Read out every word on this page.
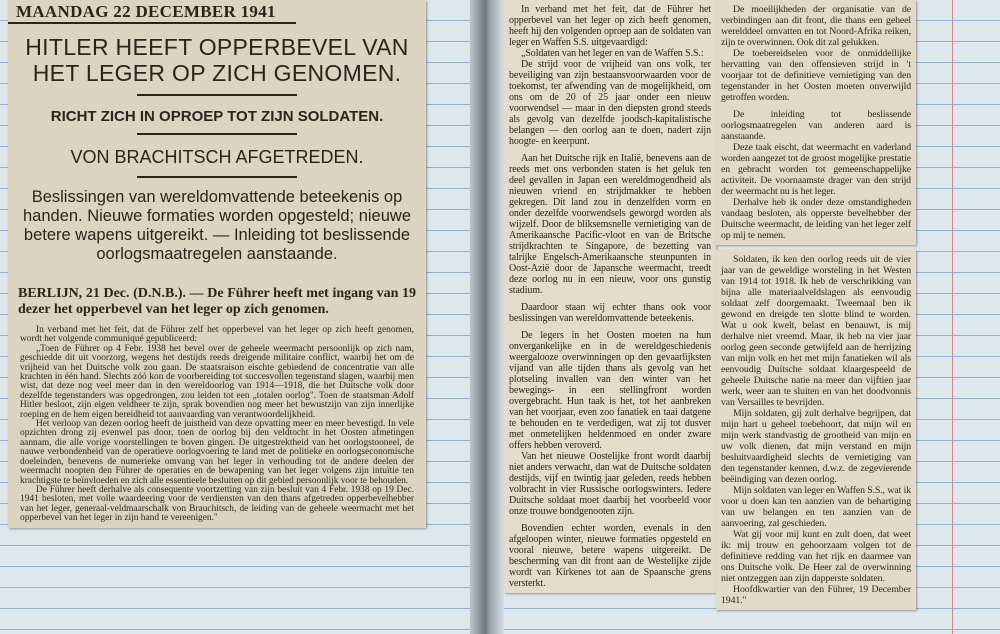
MAANDAG 22 DECEMBER 1941
HITLER HEEFT OPPERBEVEL VAN HET LEGER OP ZICH GENOMEN.
RICHT ZICH IN OPROEP TOT ZIJN SOLDATEN.
VON BRACHITSCH AFGETREDEN.
Beslissingen van wereldomvattende beteekenis op handen. Nieuwe formaties worden opgesteld; nieuwe betere wapens uitgereikt. — Inleiding tot beslissende oorlogsmaatregelen aanstaande.
BERLIJN, 21 Dec. (D.N.B.). — De Führer heeft met ingang van 19 dezer het opperbevel van het leger op zich genomen.

In verband met het feit, dat de Führer zelf het opperbevel van het leger op zich heeft genomen, wordt het volgende communiqué gepubliceerd:

„Toen de Führer op 4 Febr. 1938 het bevel over de geheele weermacht persoonlijk op zich nam, geschiedde dit uit voorzorg, wegens het destijds reeds dreigende militaire conflict, waarbij het om de vrijheid van het Duitsche volk zou gaan. De staatsraison eischte gebiedend de concentratie van alle krachten in één hand. Slechts zóó kon de voorbereiding tot succesvollen tegenstand slagen, waarbij men wist, dat deze nog veel meer dan in den wereldoorlog van 1914—1918, die het Duitsche volk door dezelfde tegenstanders was opgedrongen, zou leiden tot een „totalen oorlog". Toen de staatsman Adolf Hitler besloot, zijn eigen veldheer te zijn, sprak bovendien nog meer het bewustzijn van zijn innerlijke roeping en de hem eigen bereidheid tot aanvaarding van verantwoordelijkheid.

Het verloop van dezen oorlog heeft de juistheid van deze opvatting meer en meer bevestigd. In vele opzichten drong zij evenwel pas door, toen de oorlog bij den veldtocht in het Oosten afmetingen aannam, die alle vorige voorstellingen te boven gingen. De uitgestrektheid van het oorlogstooneel, de nauwe verbondenheid van de operatieve oorlogvoering te land met de politieke en oorlogseconomische doeleinden, benevens de numerieke omvang van het leger in verhouding tot de andere deelen der weermacht noopten den Führer de operaties en de bewapening van het leger volgens zijn intuïtie ten krachtigste te beïnvloeden en zich alle essentieele besluiten op dit gebied persoonlijk voor te behouden.

De Führer heeft derhalve als consequente voortzetting van zijn besluit van 4 Febr. 1938 op 19 Dec. 1941 besloten, met volle waardeering voor de verdiensten van den thans afgetreden opperbevelhebber van het leger, generaal-veldmaarschalk von Brauchitsch, de leiding van de geheele weermacht met het opperbevel van het leger in zijn hand te vereenigen."

In verband met het feit, dat de Führer het opperbevel van het leger op zich heeft genomen, heeft hij den volgenden oproep aan de soldaten van leger en Waffen S.S. uitgevaardigd:

„Soldaten van het leger en van de Waffen S.S.:

De strijd voor de vrijheid van ons volk, ter beveiliging van zijn bestaansvoorwaarden voor de toekomst, ter afwending van de mogelijkheid, om ons om de 20 of 25 jaar onder een nieuw voorwendsel — maar in den diepsten grond steeds als gevolg van dezelfde joodsch-kapitalistische belangen — den oorlog aan te doen, nadert zijn hoogte- en keerpunt.

Aan het Duitsche rijk en Italië, benevens aan de reeds met ons verbonden staten is het geluk ten deel gevallen in Japan een wereldmogendheid als nieuwen vriend en strijdmakker te hebben gekregen. Dit land zou in denzelfden vorm en onder dezelfde voorwendsels geworgd worden als wijzelf. Door de bliksemsnelle vernietiging van de Amerikaansche Pacific-vloot en van de Britsche strijdkrachten te Singapore, de bezetting van talrijke Engelsch-Amerikaansche steunpunten in Oost-Azië door de Japansche weermacht, treedt deze oorlog nu in een nieuw, voor ons gunstig stadium.

Daardoor staan wij echter thans ook voor beslissingen van wereldomvattende beteekenis.

De legers in het Oosten moeten na hun onvergankelijke en in de wereldgeschiedenis weergalooze overwinningen op den gevaarlijksten vijand van alle tijden thans als gevolg van het plotseling invallen van den winter van het bewegings- in een stellingfront worden overgebracht. Hun taak is het, tot het aanbreken van het voorjaar, even zoo fanatiek en taai datgene te behouden en te verdedigen, wat zij tot dusver met onmetelijken heldenmoed en onder zware offers hebben veroverd.

Van het nieuwe Oostelijke front wordt daarbij niet anders verwacht, dan wat de Duitsche soldaten destijds, vijf en twintig jaar geleden, reeds hebben volbracht in vier Russische oorlogswinters. Iedere Duitsche soldaat moet daarbij het voorbeeld voor onze trouwe bondgenooten zijn.

Bovendien echter worden, evenals in den afgeloopen winter, nieuwe formaties opgesteld en vooral nieuwe, betere wapens uitgereikt. De bescherming van dit front aan de Westelijke zijde wordt van Kirkenes tot aan de Spaansche grens versterkt.

De moeilijkheden der organisatie van de verbindingen aan dit front, die thans een geheel werelddeel omvatten en tot Noord-Afrika reiken, zijn te overwinnen. Ook dit zal gelukken.

De toebereidselen voor de onmiddellijke hervatting van den offensieven strijd in 't voorjaar tot de definitieve vernietiging van den tegenstander in het Oosten moeten onverwijld getroffen worden.

De inleiding tot beslissende oorlogsmaatregelen van anderen aard is aanstaande.

Deze taak eischt, dat weermacht en vaderland worden aangezet tot de groost mogelijke prestatie en gebracht worden tot gemeenschappelijke activiteit. De voornaamste drager van den strijd der weermacht nu is het leger.

Derhalve heb ik onder deze omstandigheden vandaag besloten, als opperste bevelhebber der Duitsche weermacht, de leiding van het leger zelf op mij te nemen.

Soldaten, ik ken den oorlog reeds uit de vier jaar van de geweldige worsteling in het Westen van 1914 tot 1918. Ik heb de verschrikking van bijna alle materiaalveldslagen als eenvoudig soldaat zelf doorgemaakt. Tweemaal ben ik gewond en dreigde ten slotte blind te worden. Wat u ook kwelt, belast en benauwt, is mij derhalve niet vreemd. Maar, ik heb na vier jaar oorlog geen seconde getwijfeld aan de herrijzing van mijn volk en het met mijn fanatieken wil als eenvoudig Duitsche soldaat klaargespeeld de geheele Duitsche natie na meer dan vijftien jaar werk, weer aan te sluiten en van het doodvonnis van Versailles te bevrijden.

Mijn soldaten, gij zult derhalve begrijpen, dat mijn hart u geheel toebehoort, dat mijn wil en mijn werk standvastig de grootheid van mijn en uw volk dienen, dat mijn verstand en mijn besluitvaardigheid slechts de vernietiging van den tegenstander kennen, d.w.z. de zegevierende beëindiging van dezen oorlog.

Mijn soldaten van leger en Waffen S.S., wat ik voor u doen kan ten aanzien van de behartiging van uw belangen en ten aanzien van de aanvoering, zal geschieden.

Wat gij voor mij kunt en zult doen, dat weet ik: mij trouw en gehoorzaam volgen tot de definitieve redding van het rijk en daarmee van ons Duitsche volk. De Heer zal de overwinning niet ontzeggen aan zijn dapperste soldaten.

Hoofdkwartier van den Führer, 19 December 1941."
